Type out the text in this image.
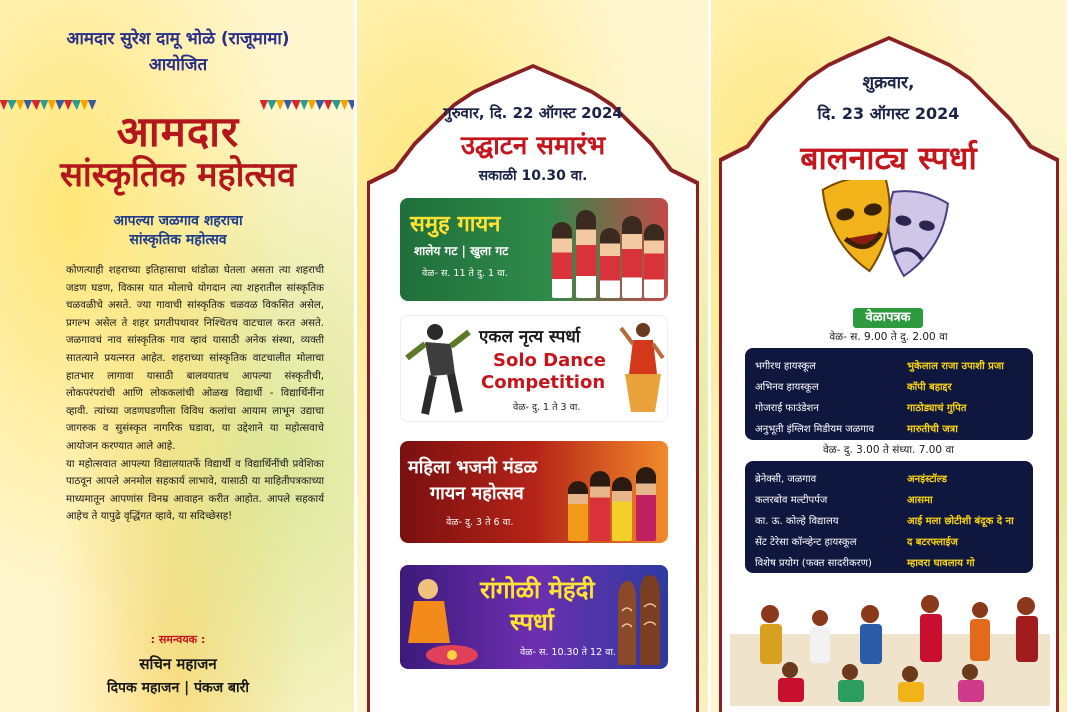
आमदार सुरेश दामू भोळे (राजूमामा)
आयोजित
आमदार
सांस्कृतिक महोत्सव
आपल्या जळगाव शहराचा
सांस्कृतिक महोत्सव

कोणत्याही शहराच्या इतिहासाचा धांडोळा घेतला असता त्या शहराची जडण घडण, विकास यात मोलाचे योगदान त्या शहरातील सांस्कृतिक चळवळीचे असते. ज्या गावाची सांस्कृतिक चळवळ विकसित असेल, प्रगल्भ असेल ते शहर प्रगतीपथावर निश्चितच वाटचाल करत असते. जळगावचं नाव सांस्कृतिक गाव व्हावं यासाठी अनेक संस्था, व्यक्ती सातत्याने प्रयत्नरत आहेत. शहराच्या सांस्कृतिक वाटचालीत मोलाचा हातभार लागावा यासाठी बालवयातच आपल्या संस्कृतीची, लोकपरंपरांची आणि लोककलांची ओळख विद्यार्थी - विद्यार्थिनींना व्हावी. त्यांच्या जडणघडणीला विविध कलांचा आयाम लाभून उद्याचा जागरुक व सुसंस्कृत नागरिक घडावा, या उद्देशाने या महोत्सवाचे आयोजन करण्यात आले आहे.

या महोत्सवात आपल्या विद्यालयातर्फे विद्यार्थी व विद्यार्थिनींची प्रवेशिका पाठवून आपले अनमोल सहकार्य लाभावे, यासाठी या माहितीपत्रकाच्या माध्यमातून आपणांस विनम्र आवाहन करीत आहोत. आपले सहकार्य आहेच ते यापुढे वृद्धिंगत व्हावे, या सदिच्छेसह!

: समन्वयक :
सचिन महाजन
दिपक महाजन | पंकज बारी
गुरुवार, दि. 22 ऑगस्ट 2024
उद्घाटन समारंभ
सकाळी 10.30 वा.
समुह गायन
शालेय गट | खुला गट
वेळ- स. 11 ते दु. 1 वा.
एकल नृत्य स्पर्धा
Solo Dance
Competition
वेळ- दु. 1 ते 3 वा.
महिला भजनी मंडळ
गायन महोत्सव
वेळ- दु. 3 ते 6 वा.
रांगोळी मेहंदी
स्पर्धा
वेळ- स. 10.30 ते 12 वा.
शुक्रवार,
दि. 23 ऑगस्ट 2024
बालनाट्य स्पर्धा
वेळापत्रक
वेळ- स. 9.00 ते दु. 2.00 वा
भगीरथ हायस्कूल	भुकेलाल राजा उपाशी प्रजा
अभिनव हायस्कूल	कॉपी बहाद्दर
गोजराई फाउंडेशन	गाठोड्याचं गुपित
अनुभूती इंग्लिश मिडीयम जळगाव	मारुतीची जत्रा
वेळ- दु. 3.00 ते संध्या. 7.00 वा
ब्रेनेक्सी, जळगाव	अनइंस्टॉल्ड
कलरबोव मल्टीपर्पज	आसमा
का. ऊ. कोल्हे विद्यालय	आई मला छोटीशी बंदूक दे ना
सेंट टेरेसा कॉन्व्हेन्ट हायस्कूल	द बटरफ्लाईज
विशेष प्रयोग (फक्त सादरीकरण)	म्हावरा घावलाय गो
